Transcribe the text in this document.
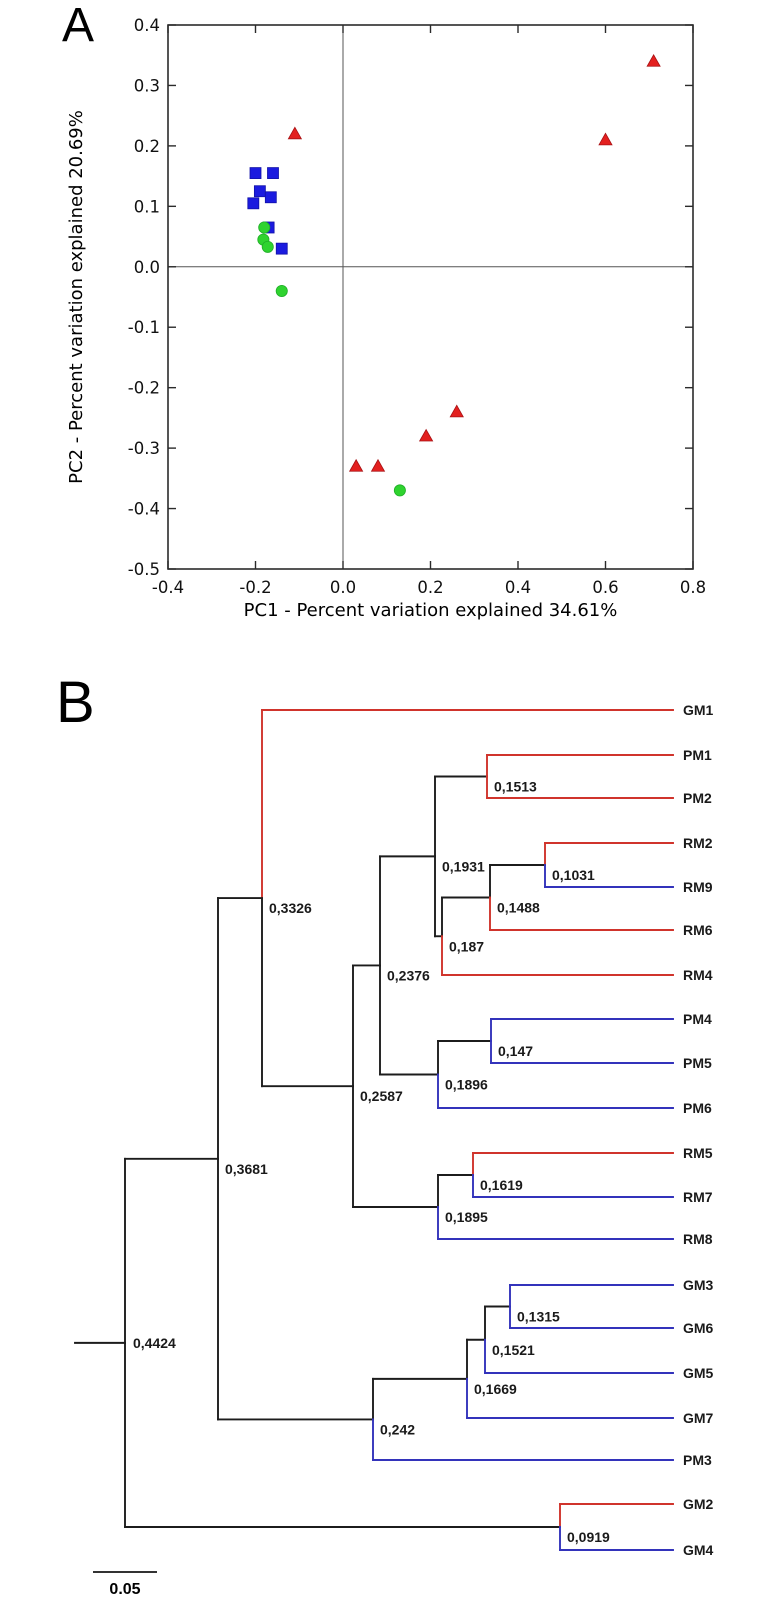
A
B
-0.4	-0.2	0.0	0.2	0.4	0.6	0.8
0.4
0.3
0.2
0.1
0.0
-0.1
-0.2
-0.3
-0.4
-0.5
PC1 - Percent variation explained 34.61%
PC2 - Percent variation explained 20.69%
0,4424
0,3681
0,3326
GM1
0,2587
0,2376
0,1931
0,1513
PM1
PM2
0,187
0,1488
0,1031
RM2
RM9
RM6
RM4
0,1896
0,147
PM4
PM5
PM6
0,1895
0,1619
RM5
RM7
RM8
0,242
0,1669
0,1521
0,1315
GM3
GM6
GM5
GM7
PM3
0,0919
GM2
GM4
0.05
